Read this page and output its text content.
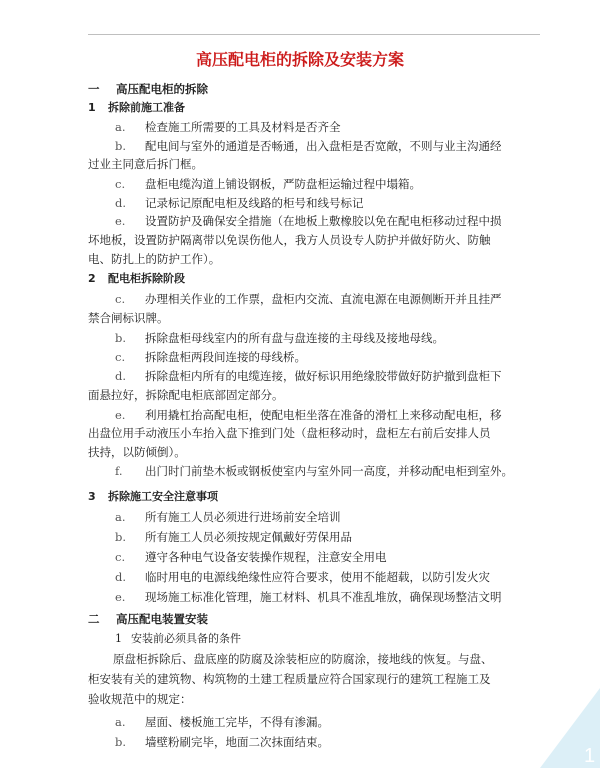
高压配电柜的拆除及安装方案
一 高压配电柜的拆除
1 拆除前施工准备
a. 检查施工所需要的工具及材料是否齐全
b. 配电间与室外的通道是否畅通，出入盘柜是否宽敞，不则与业主沟通经
过业主同意后拆门框。
c. 盘柜电缆沟道上铺设钢板，严防盘柜运输过程中塌箱。
d. 记录标记原配电柜及线路的柜号和线号标记
e. 设置防护及确保安全措施（在地板上敷橡胶以免在配电柜移动过程中损
坏地板，设置防护隔离带以免误伤他人，我方人员设专人防护并做好防火、防触
电、防扎上的防护工作）。
2 配电柜拆除阶段
c. 办理相关作业的工作票，盘柜内交流、直流电源在电源侧断开并且挂严
禁合闸标识牌。
b. 拆除盘柜母线室内的所有盘与盘连接的主母线及接地母线。
c. 拆除盘柜两段间连接的母线桥。
d. 拆除盘柜内所有的电缆连接，做好标识用绝缘胶带做好防护撤到盘柜下
面悬拉好，拆除配电柜底部固定部分。
e. 利用撬杠抬高配电柜，使配电柜坐落在准备的滑杠上来移动配电柜，移
出盘位用手动液压小车抬入盘下推到门处（盘柜移动时，盘柜左右前后安排人员
扶持，以防倾倒）。
f. 出门时门前垫木板或钢板使室内与室外同一高度，并移动配电柜到室外。
3 拆除施工安全注意事项
a. 所有施工人员必须进行进场前安全培训
b. 所有施工人员必须按规定佩戴好劳保用品
c. 遵守各种电气设备安装操作规程，注意安全用电
d. 临时用电的电源线绝缘性应符合要求，使用不能超载，以防引发火灾
e. 现场施工标准化管理，施工材料、机具不准乱堆放，确保现场整洁文明
二 高压配电装置安装
1 安装前必须具备的条件
原盘柜拆除后、盘底座的防腐及涂装柜应的防腐涂，接地线的恢复。与盘、
柜安装有关的建筑物、构筑物的土建工程质量应符合国家现行的建筑工程施工及
验收规范中的规定：
a. 屋面、楼板施工完毕，不得有渗漏。
b. 墙壁粉刷完毕，地面二次抹面结束。
1
